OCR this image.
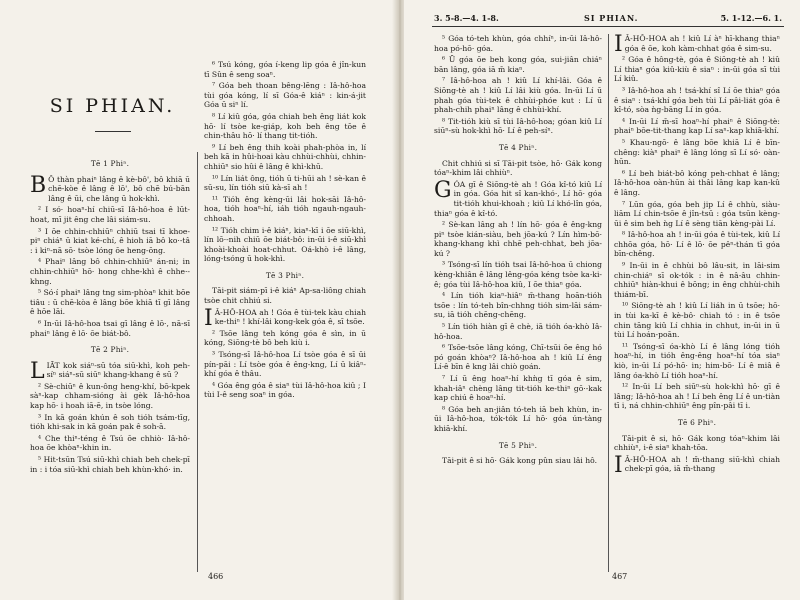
SI PHIAN.
Tē 1 Phiⁿ.

B Ô thàn phaiⁿ lâng ê kè-bô', bô khiā ū chē-kòe ê lâng ê lō', bô chē bú-bān lâng ê ūi, che lâng ū hok-khì.

² I só· hoaⁿ-hí chiū-sī Iâ-hô-hoa ê lūt-hoat, mī jit êng che lâi siám-su.

³ I ōe chhin-chhiūⁿ chhiū tsai tī khoe-piⁿ chiáⁿ ū kiat ké-chí, ê hioh iā bô ko·-tâ : i kiⁿ-nā sō· tsòe lóng ōe heng-ōng.

⁴ Phaiⁿ lâng bô chhin-chhiūⁿ án-ni; in chhin-chhiūⁿ hō· hong chhe-khì ê chhe·-khng.

⁵ Só·í phaiⁿ lâng tng sim-phòaⁿ khit bōe tiâu : ū chē-kòa ê lâng bōe khiā tī gī lâng ê hōe lāi.

⁶ In-ūi Iâ-hô-hoa tsai gī lâng ê lō·, nā-sī phaiⁿ lâng ê lō· ōe biát-bô.

Tē 2 Phiⁿ.

LIĀT kok siáⁿ-sū tóa siū-khì, koh peh-síⁿ siáⁿ-sū siūⁿ khang-khang ê sū ?

² Sè-chiūⁿ ê kun-ông heng-khí, bō-kpek sàⁿ-kap chham-sióng ài gèk Iâ-hô-hoa kap hō· i hoah iā-ē, in tsòe lóng.

³ In kā goán khún ê soh tióh tsám-tīg, tióh khi-sak in kā goán pak ê soh-ā.

⁴ Che thiⁿ-téng ê Tsú ōe chhiò· Iâ-hô-hoa ōe khòaⁿ-khin in.

⁵ Hit-tsūn Tsú siū-khì chiah beh chek-pī in : i tóa siū-khì chiah beh khùn-khó· in.

⁶ Tsú kóng, góa í-keng lip góa ê jîn-kun tī Sûn ê seng soaⁿ.

⁷ Góa beh thoan bêng-lēng : Iâ-hô-hoa tùi góa kóng, lí sī Góa-ê kiáⁿ : kin-á-jit Góa ū siⁿ lí.

⁸ Lí kiû góa, góa chiah beh êng liát kok hō· lí tsòe ke-giáp, koh beh êng tōe ê chin-thâu hō· lí thang tit-tióh.

⁹ Lí beh êng thih koài phah-phòa in, lí beh kā in hûi-hoai kàu chhùi-chhùi, chhin-chhiūⁿ sio hûi ê lâng ê khì-khū.

¹⁰ Lín liát ông, tióh ū ti-hūi ah ! sè-kan ê sū-su, lín tióh siū kà-sī ah !

¹¹ Tióh êng kèng-ūi lâi hok-sāi Iâ-hô-hoa, tióh hoaⁿ-hí, iáh tióh ngauh-ngauh-chhoah.

¹² Tióh chim i-ê kiáⁿ, kiaⁿ-kī i ōe siū-khì, lín lō·-nih chiū ōe biát-bô: in-ūi i-ê siū-khì khoài-khoài hoat-chhut. Oá-khò i-ê lâng, lóng-tsóng ū hok-khì.

Tē 3 Phiⁿ.

Tāi-pit siám-pī i-ê kiáⁿ Ap-sa-liông chiah tsòe chit chhiú si.

I Â-HÔ-HOA ah ! Góa ê tùi-tek kàu chiah ke-thiⁿ ! khí-lâi kong-kek góa ê, sī tsōe.

² Tsōe lâng teh kóng góa ê sìn, in ū kóng, Siōng-tè bô beh kiù i.

³ Tsóng-sī Iâ-hô-hoa Lí tsòe góa ê sī ūi pín-pāi : Lí tsòe góa ê êng-kng, Lí ū kiâⁿ-khí góa ê thâu.

⁴ Góa êng góa ê siaⁿ tùi Iâ-hô-hoa kiû ; I tùi I-ê seng soaⁿ in góa.

466
3. 5-8.—4. 1-8.	SI PHIAN.	5. 1-12.—6. 1.

⁵ Góa tó-teh khùn, góa chhíⁿ, in-ūi Iâ-hô-hoa pó-hō· góa.

⁶ Ū góa ōe beh kong góa, sui-jiân chiáⁿ bān lâng, góa iā m̄ kiaⁿ.

⁷ Iâ-hô-hoa ah ! kiû Lí khí-lâi. Góa ê Siōng-tè ah ! kiû Lí lâi kiù góa. In-ūi Lí ū phah góa tùi-tek ê chhùi-phóe kut : Lí ū phah-chih phaiⁿ lâng ê chhùi-khí.

⁸ Tit-tióh kiù sī tùi Iâ-hô-hoa; góan kiû Lí siūⁿ-sù hok-khì hō· Lí ê peh-síⁿ.

Tē 4 Phiⁿ.

Chit chhiú si sī Tāi-pit tsòe, hō· Gák kong tóaⁿ-khim lâi chhiùⁿ.

GÓA gī ê Siōng-tè ah ! Góa kî-tó kiû Lí in góa. Góa hit sî kan-khó·, Lí hō· góa tit-tióh khui-khoah ; kiû Lí khó-lîn góa, thiaⁿ góa ê kî-tó.

² Sè-kan lâng ah ! lín hō· góa ê êng-kng piⁿ tsòe kián-siàu, beh jōa-kú ? Lín hìm-bō· khang-khang khì chhē peh-chhat, beh jōa-kú ?

³ Tsóng-sī lín tióh tsai Iâ-hô-hoa ū chiong kèng-khiân ê lâng lêng-góa kéng tsòe ka-ki-ê; góa tùi Iâ-hô-hoa kiû, I ōe thiaⁿ góa.

⁴ Lín tióh kiaⁿ-hiâⁿ m̄-thang hoān-tióh tsōe : lín tó-teh bîn-chhng tióh sim-lāi sám-su, iā tióh chēng-chēng.

⁵ Lín tióh hiàn gī ê chè, iā tióh óa-khò Iâ-hô-hoa.

⁶ Tsōe-tsōe lâng kóng, Chī-tsūi ōe êng hó pó goán khòaⁿ? Iâ-hô-hoa ah ! kiû Lí êng Lí-ê bīn ê kng lâi chiò goán.

⁷ Lí ū êng hoaⁿ-hí khǹg tī góa ê sim, khah-iâⁿ chèng lâng tit-tióh ke-thiⁿ gō·-kak kap chiú ê hoaⁿ-hí.

⁸ Góa beh an-jiân tó-teh iā beh khùn, in-ūi Iâ-hô-hoa, tók-tók Lí hō· góa ún-tàng khiā-khí.

Tē 5 Phiⁿ.

Tāi-pit ê si hō· Gák kong pûn siau lâi hô.

I Â-HÔ-HOA ah ! kiû Lí àⁿ hī-khang thiaⁿ góa ê ōe, koh kàm-chhat góa ê sim-su.

² Góa ê hông-tè, góa ê Siōng-tè ah ! kiû Lí thiaⁿ góa kiû-kiù ê siaⁿ : in-ūi góa sī tùi Lí kiû.

³ Iâ-hô-hoa ah ! tsá-khí sî Lí ōe thiaⁿ góa ê siaⁿ : tsá-khí góa beh tùi Lí pâi-liát góa ê kî-tó, sòa ǹg-bāng Lí in góa.

⁴ In-ūi Lí m̄-sī hoaⁿ-hí phaiⁿ ê Siōng-tè: phaiⁿ bōe-tit-thang kap Lí saⁿ-kap khiā-khí.

⁵ Khau-ngō· ê lâng bōe khiā Lí ê bīn-chêng: kiàⁿ phaiⁿ ê lâng lóng sī Lí só· oàn-hūn.

⁶ Lí beh biát-bô kóng peh-chhat ê lâng; Iâ-hô-hoa oàn-hūn ài thâi lâng kap kan-kû ê lâng.

⁷ Lūn góa, góa beh jip Lí ê chhù, siàu-liām Lí chin-tsōe ê jîn-tsū : góa tsūn kèng-ūi ê sim beh ǹg Lí ê sèng tiān kèng-pài Lí.

⁸ Iâ-hô-hoa ah ! in-ūi góa ê tùi-tek, kiû Lí chhōa góa, hō· Lí ê lō· ōe pêⁿ-thán tī góa bīn-chêng.

⁹ In-ūi in ê chhùi bô lâu-sit, in lāi-sim chin-chiáⁿ sī ok-tók : in ê nâ-âu chhin-chhiūⁿ hiàn-khui ê bōng; in êng chhùi-chih thiám-bī.

¹⁰ Siōng-tè ah ! kiû Lí liáh in ū tsōe; hō· in tùi ka-kī ê kè-bô· chiah tó : in ê tsōe chin tāng kiû Lí chhia in chhut, in-ūi in ū tùi Lí hoán-poān.

¹¹ Tsóng-sī óa-khò Lí ê lâng lóng tióh hoaⁿ-hí, in tióh êng-êng hoaⁿ-hí tóa siaⁿ kiò, in-ūi Lí pó-hō· in; him-bō· Lí ê miâ ê lâng óa-khò Lí tióh hoaⁿ-hí.

¹² In-ūi Lí beh siūⁿ-sù hok-khì hō· gī ê lâng; Iâ-hô-hoa ah ! Lí beh êng Lí ê un-tiàn tī i, ná chhin-chhiūⁿ êng pîn-pâi tī i.

Tē 6 Phiⁿ.

Tāi-pit ê si, hō· Gák kong tóaⁿ-khim lâi chhiùⁿ, i-ê siaⁿ khah-tōa.

I Â-HÔ-HOA ah ! m̄-thang siū-khì chiah chek-pī góa, iā m̄-thang

467
